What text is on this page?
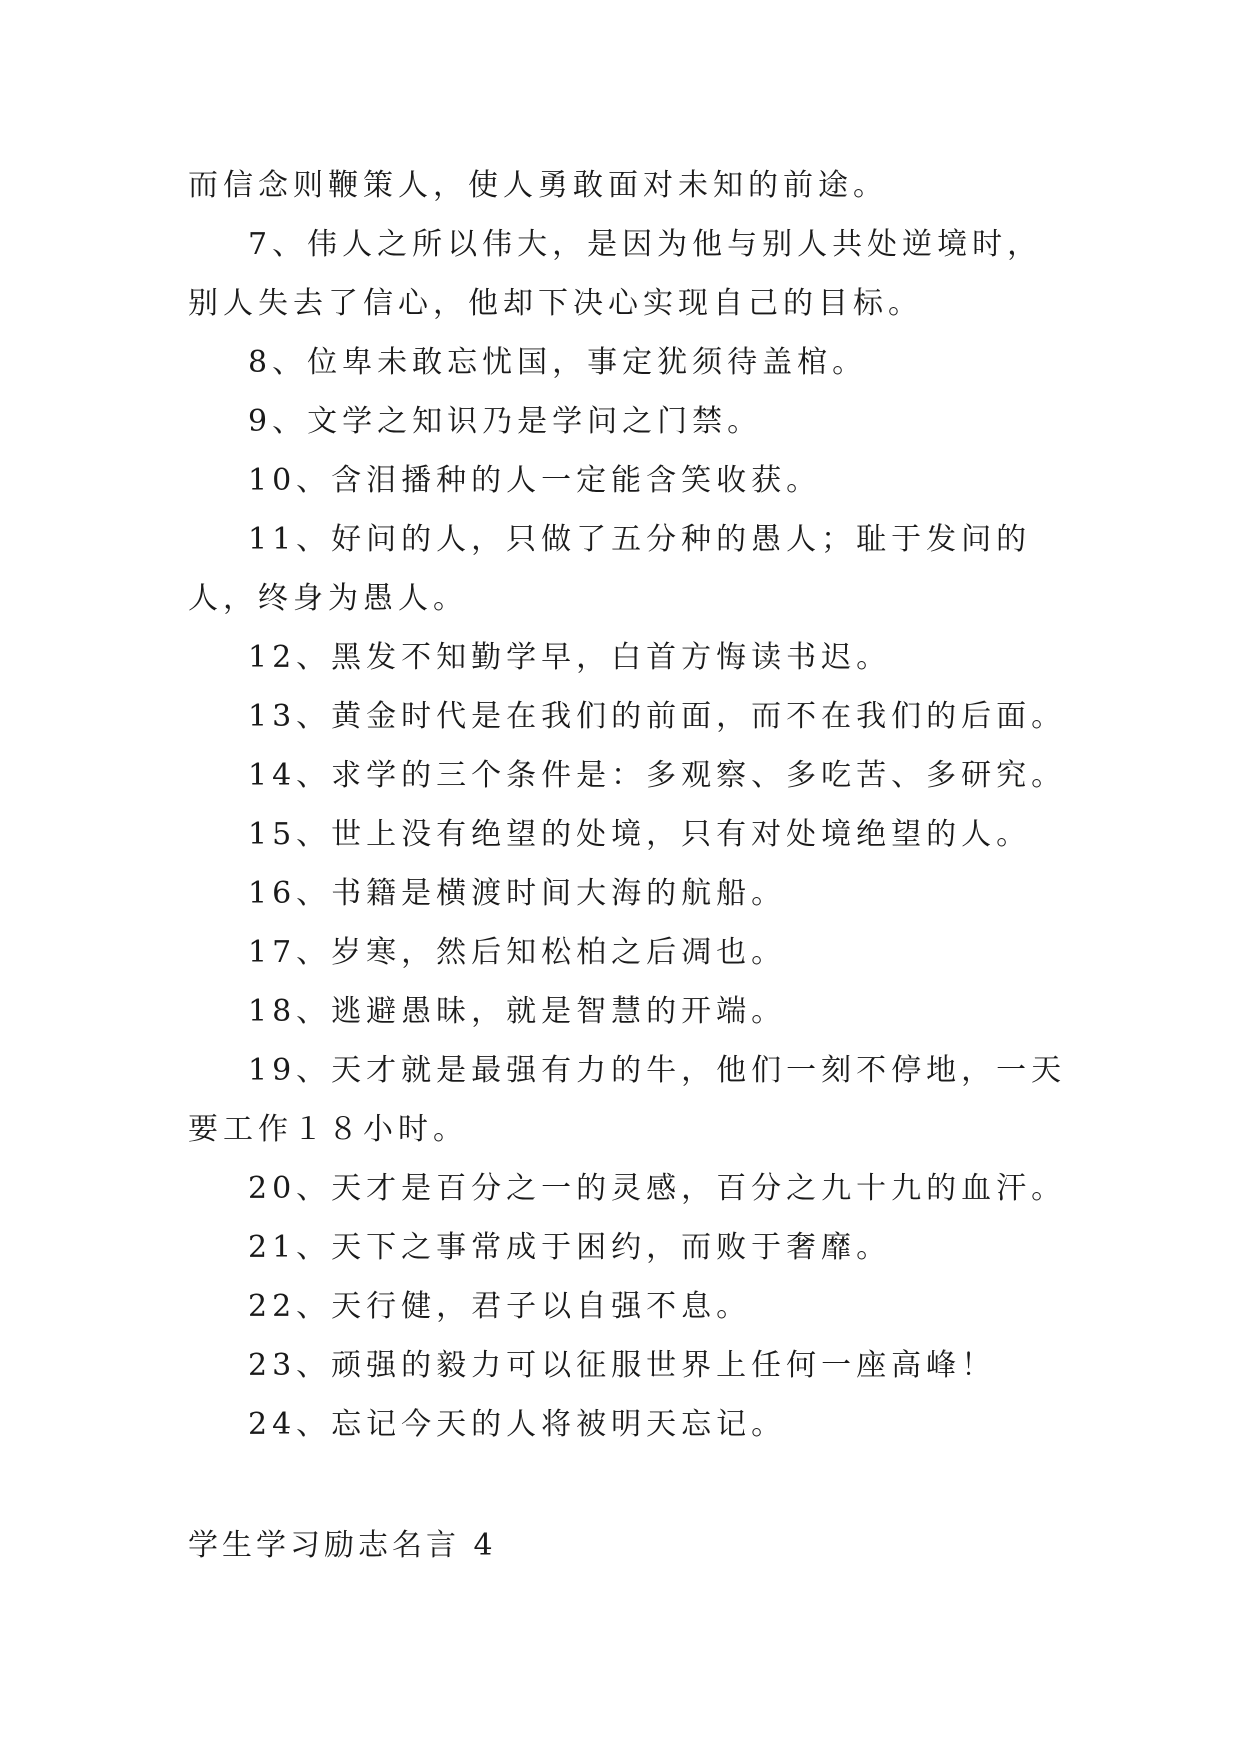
而信念则鞭策人，使人勇敢面对未知的前途。

7、伟人之所以伟大，是因为他与别人共处逆境时，别人失去了信心，他却下决心实现自己的目标。

8、位卑未敢忘忧国，事定犹须待盖棺。

9、文学之知识乃是学问之门禁。

10、含泪播种的人一定能含笑收获。

11、好问的人，只做了五分种的愚人；耻于发问的人，终身为愚人。

12、黑发不知勤学早，白首方悔读书迟。

13、黄金时代是在我们的前面，而不在我们的后面。

14、求学的三个条件是：多观察、多吃苦、多研究。

15、世上没有绝望的处境，只有对处境绝望的人。

16、书籍是横渡时间大海的航船。

17、岁寒，然后知松柏之后凋也。

18、逃避愚昧，就是智慧的开端。

19、天才就是最强有力的牛，他们一刻不停地，一天要工作１８小时。

20、天才是百分之一的灵感，百分之九十九的血汗。

21、天下之事常成于困约，而败于奢靡。

22、天行健，君子以自强不息。

23、顽强的毅力可以征服世界上任何一座高峰！

24、忘记今天的人将被明天忘记。

学生学习励志名言 4
